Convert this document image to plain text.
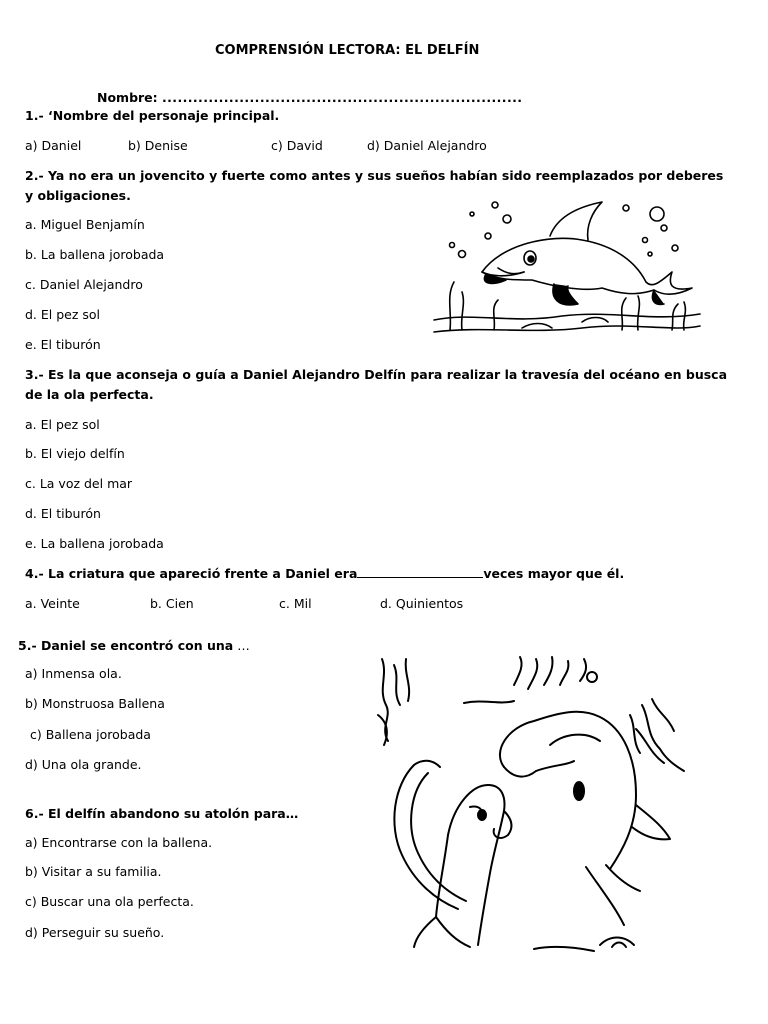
COMPRENSIÓN LECTORA: EL DELFÍN
Nombre: ......................................................................
1.- ‘Nombre del personaje principal.
a) Daniel	b) Denise	c) David	d) Daniel Alejandro
2.- Ya no era un jovencito y fuerte como antes y sus sueños habían sido reemplazados por deberes
y obligaciones.
a. Miguel Benjamín
b. La ballena jorobada
c. Daniel Alejandro
d. El pez sol
e. El tiburón
3.- Es la que aconseja o guía a Daniel Alejandro Delfín para realizar la travesía del océano en busca
de la ola perfecta.
a. El pez sol
b. El viejo delfín
c. La voz del mar
d. El tiburón
e. La ballena jorobada
4.- La criatura que apareció frente a Daniel era	veces mayor que él.
a. Veinte	b. Cien	c. Mil	d. Quinientos
5.- Daniel se encontró con una …
a) Inmensa ola.
b) Monstruosa Ballena
c) Ballena jorobada
d) Una ola grande.
6.- El delfín abandono su atolón para…
a) Encontrarse con la ballena.
b) Visitar a su familia.
c) Buscar una ola perfecta.
d) Perseguir su sueño.
